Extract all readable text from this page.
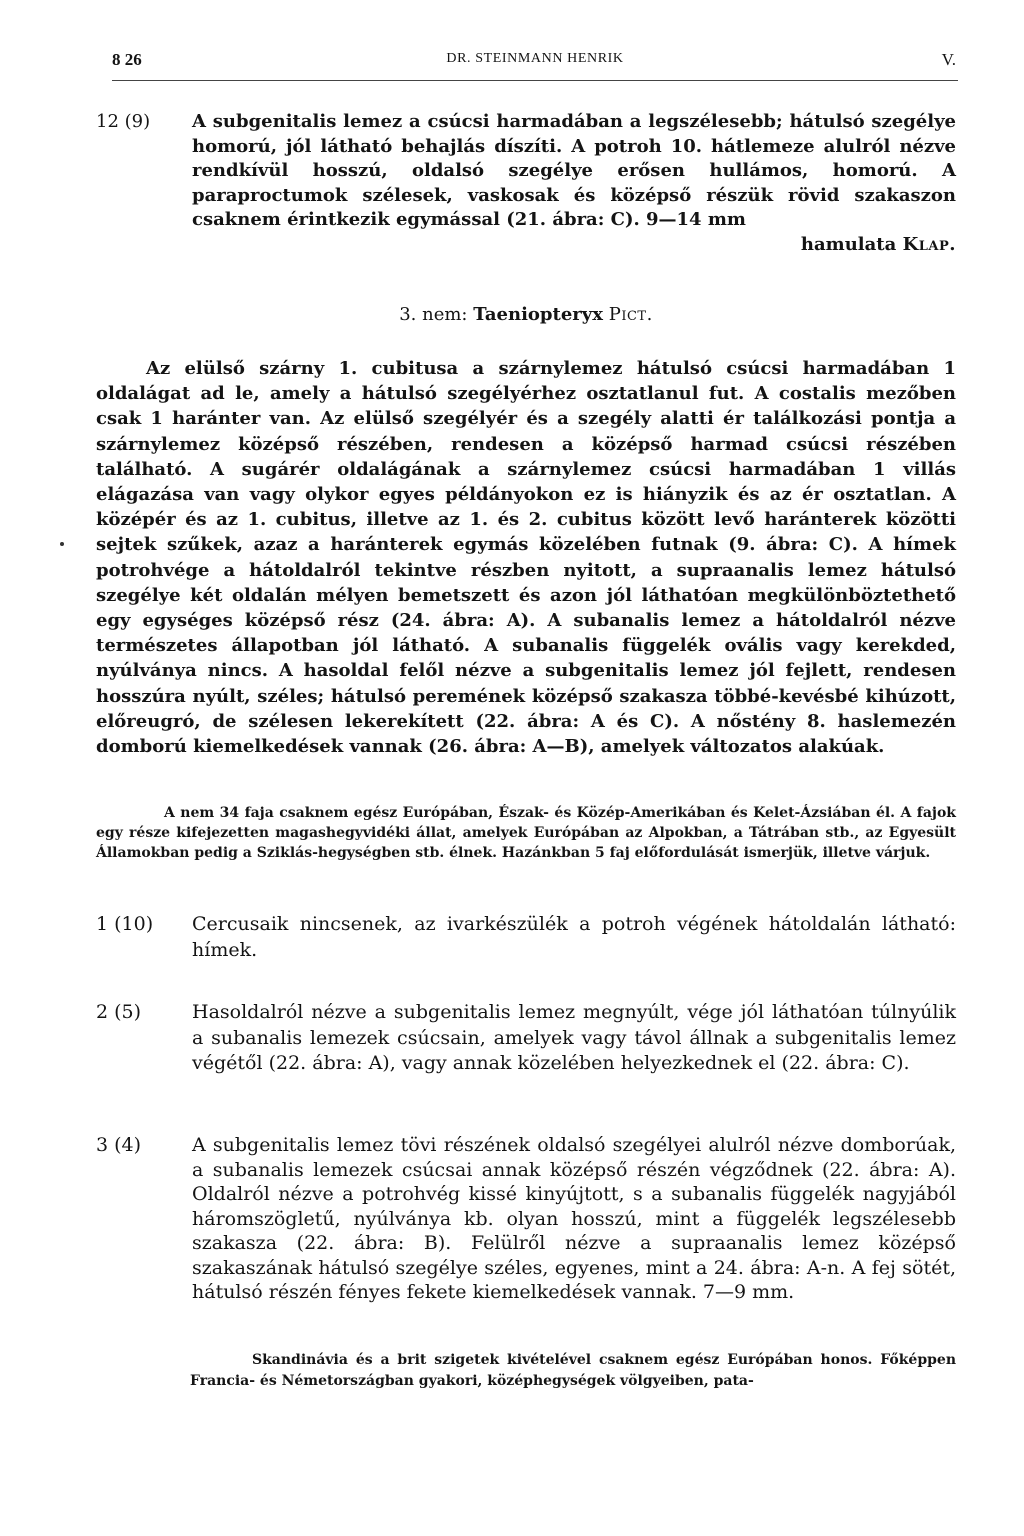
8 26	DR. STEINMANN HENRIK	V.
12 (9) A subgenitalis lemez a csúcsi harmadában a legszélesebb; hátulsó szegélye homorú, jól látható behajlás díszíti. A potroh 10. hátlemeze alulról nézve rendkívül hosszú, oldalsó szegélye erősen hullámos, homorú. A paraproctumok szélesek, vaskosak és középső részük rövid szakaszon csaknem érintkezik egymással (21. ábra: C). 9—14 mm
hamulata Klap.
3. nem: Taeniopteryx Pict.
Az elülső szárny 1. cubitusa a szárnylemez hátulsó csúcsi harmadában 1 oldalágat ad le, amely a hátulsó szegélyérhez osztatlanul fut. A costalis mezőben csak 1 haránter van. Az elülső szegélyér és a szegély alatti ér találkozási pontja a szárnylemez középső részében, rendesen a középső harmad csúcsi részében található. A sugárér oldalágának a szárnylemez csúcsi harmadában 1 villás elágazása van vagy olykor egyes példányokon ez is hiányzik és az ér osztatlan. A középér és az 1. cubitus, illetve az 1. és 2. cubitus között levő haránterek közötti sejtek szűkek, azaz a haránterek egymás közelében futnak (9. ábra: C). A hímek potrohvége a hátoldalról tekintve részben nyitott, a supraanalis lemez hátulsó szegélye két oldalán mélyen bemetszett és azon jól láthatóan megkülönböztethető egy egységes középső rész (24. ábra: A). A subanalis lemez a hátoldalról nézve természetes állapotban jól látható. A subanalis függelék ovális vagy kerekded, nyúlványa nincs. A hasoldal felől nézve a subgenitalis lemez jól fejlett, rendesen hosszúra nyúlt, széles; hátulsó peremének középső szakasza többé-kevésbé kihúzott, előreugró, de szélesen lekerekített (22. ábra: A és C). A nőstény 8. haslemezén domború kiemelkedések vannak (26. ábra: A—B), amelyek változatos alakúak.
A nem 34 faja csaknem egész Európában, Észak- és Közép-Amerikában és Kelet-Ázsiában él. A fajok egy része kifejezetten magashegyvidéki állat, amelyek Európában az Alpokban, a Tátrában stb., az Egyesült Államokban pedig a Sziklás-hegységben stb. élnek. Hazánkban 5 faj előfordulását ismerjük, illetve várjuk.
1 (10) Cercusaik nincsenek, az ivarkészülék a potroh végének hátoldalán látható: hímek.
2 (5)	Hasoldalról nézve a subgenitalis lemez megnyúlt, vége jól láthatóan túlnyúlik a subanalis lemezek csúcsain, amelyek vagy távol állnak a subgenitalis lemez végétől (22. ábra: A), vagy annak közelében helyezkednek el (22. ábra: C).
3 (4)	A subgenitalis lemez tövi részének oldalsó szegélyei alulról nézve domborúak, a subanalis lemezek csúcsai annak középső részén végződnek (22. ábra: A). Oldalról nézve a potrohvég kissé kinyújtott, s a subanalis függelék nagyjából háromszögletű, nyúlványa kb. olyan hosszú, mint a függelék legszélesebb szakasza (22. ábra: B). Felülről nézve a supraanalis lemez középső szakaszának hátulsó szegélye széles, egyenes, mint a 24. ábra: A-n. A fej sötét, hátulsó részén fényes fekete kiemelkedések vannak. 7—9 mm.
Skandinávia és a brit szigetek kivételével csaknem egész Európában honos. Főképpen Francia- és Németországban gyakori, középhegységek völgyeiben, pata-
